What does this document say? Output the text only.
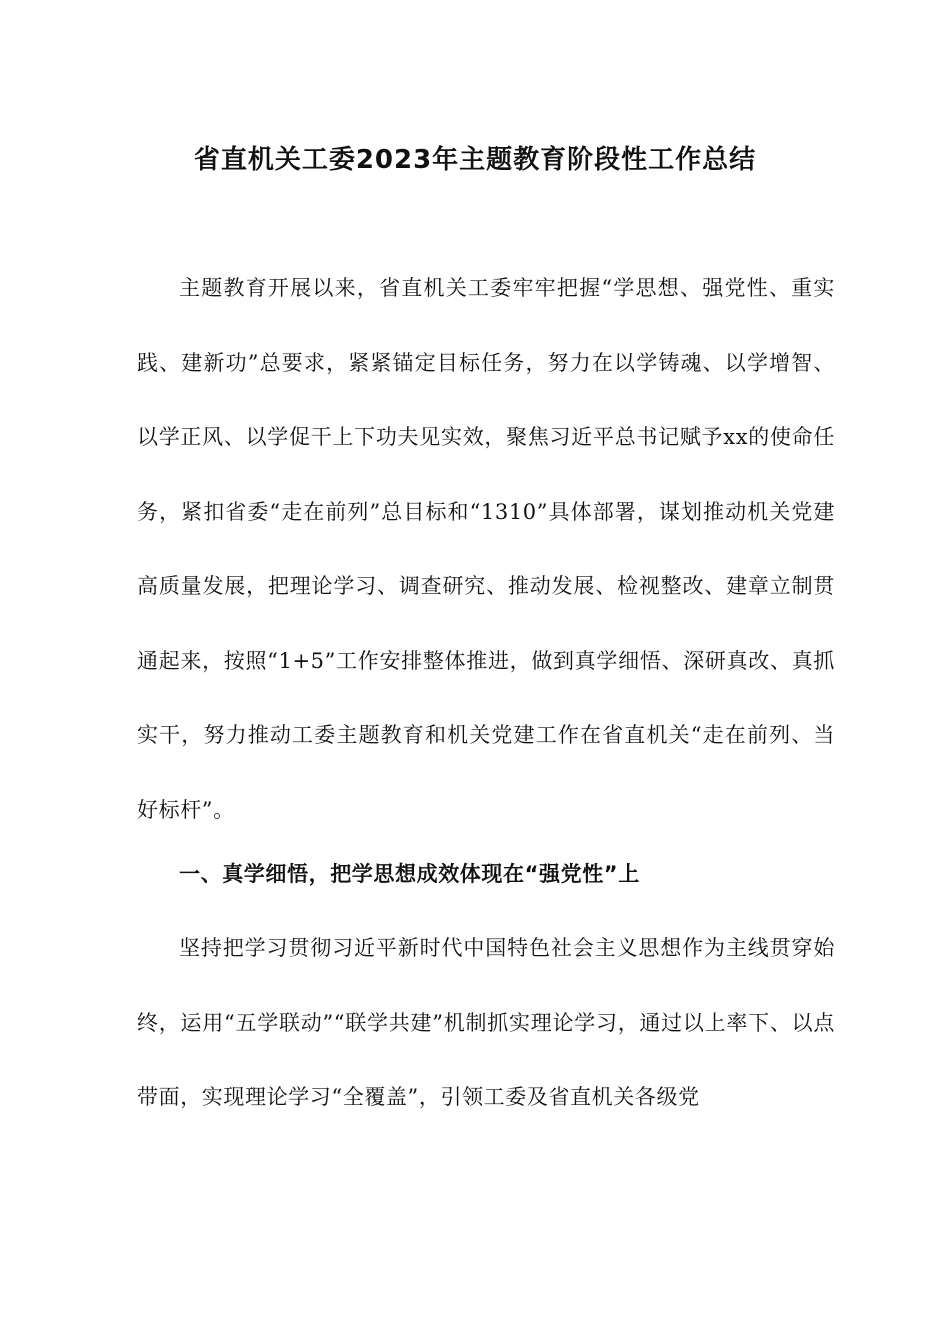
省直机关工委2023年主题教育阶段性工作总结

主题教育开展以来，省直机关工委牢牢把握“学思想、强党性、重实践、建新功”总要求，紧紧锚定目标任务，努力在以学铸魂、以学增智、以学正风、以学促干上下功夫见实效，聚焦习近平总书记赋予xx的使命任务，紧扣省委“走在前列”总目标和“1310”具体部署，谋划推动机关党建高质量发展，把理论学习、调查研究、推动发展、检视整改、建章立制贯通起来，按照“1+5”工作安排整体推进，做到真学细悟、深研真改、真抓实干，努力推动工委主题教育和机关党建工作在省直机关“走在前列、当好标杆”。

一、真学细悟，把学思想成效体现在“强党性”上

坚持把学习贯彻习近平新时代中国特色社会主义思想作为主线贯穿始终，运用“五学联动”“联学共建”机制抓实理论学习，通过以上率下、以点带面，实现理论学习“全覆盖”，引领工委及省直机关各级党
